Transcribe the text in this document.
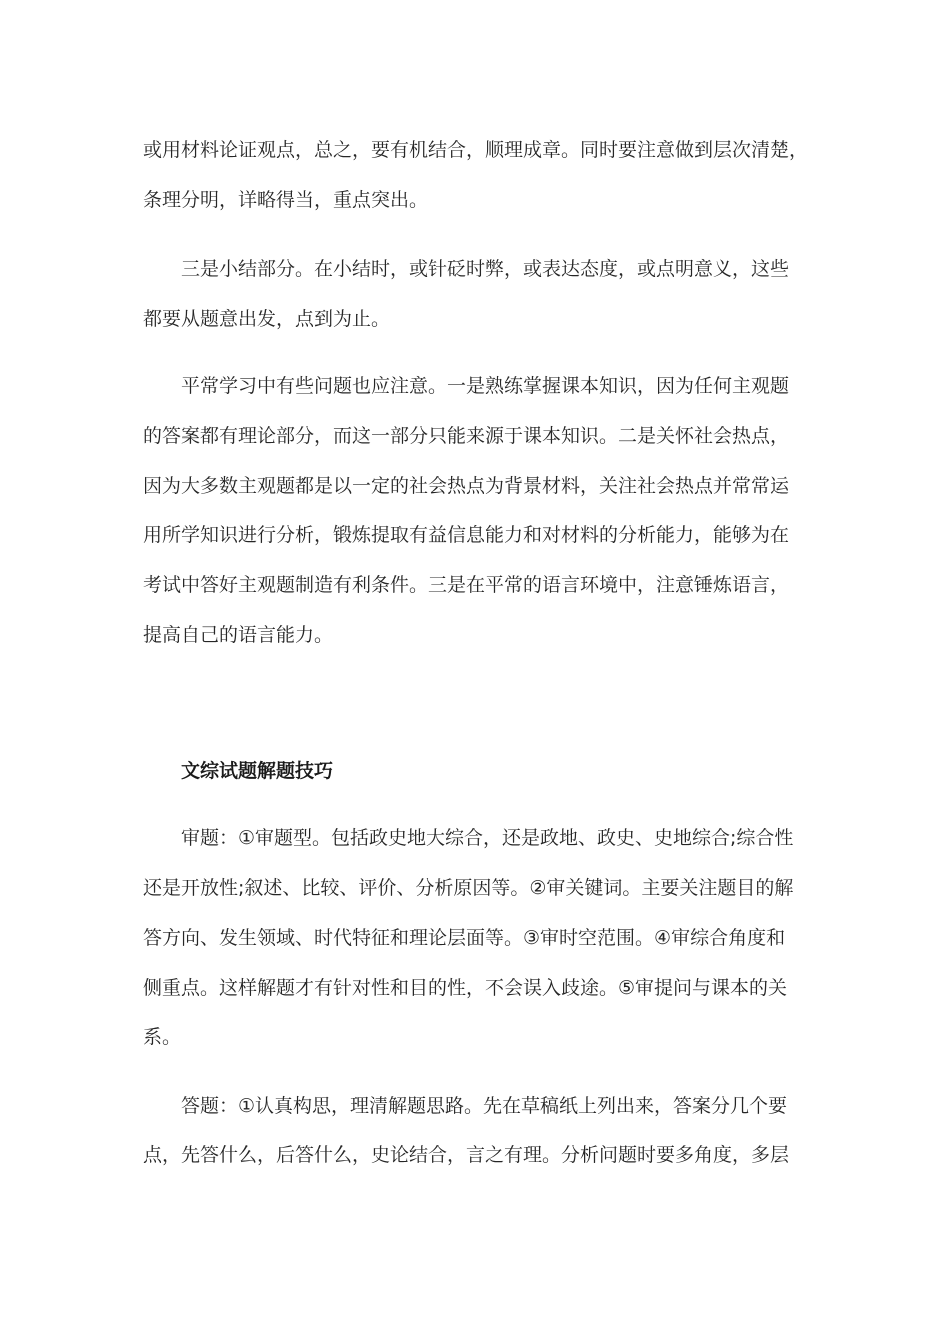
或用材料论证观点，总之，要有机结合，顺理成章。同时要注意做到层次清楚，

条理分明，详略得当，重点突出。

三是小结部分。在小结时，或针砭时弊，或表达态度，或点明意义，这些

都要从题意出发，点到为止。

平常学习中有些问题也应注意。一是熟练掌握课本知识，因为任何主观题

的答案都有理论部分，而这一部分只能来源于课本知识。二是关怀社会热点，

因为大多数主观题都是以一定的社会热点为背景材料，关注社会热点并常常运

用所学知识进行分析，锻炼提取有益信息能力和对材料的分析能力，能够为在

考试中答好主观题制造有利条件。三是在平常的语言环境中，注意锤炼语言，

提高自己的语言能力。

文综试题解题技巧

审题：①审题型。包括政史地大综合，还是政地、政史、史地综合;综合性

还是开放性;叙述、比较、评价、分析原因等。②审关键词。主要关注题目的解

答方向、发生领域、时代特征和理论层面等。③审时空范围。④审综合角度和

侧重点。这样解题才有针对性和目的性，不会误入歧途。⑤审提问与课本的关

系。

答题：①认真构思，理清解题思路。先在草稿纸上列出来，答案分几个要

点，先答什么，后答什么，史论结合，言之有理。分析问题时要多角度，多层
